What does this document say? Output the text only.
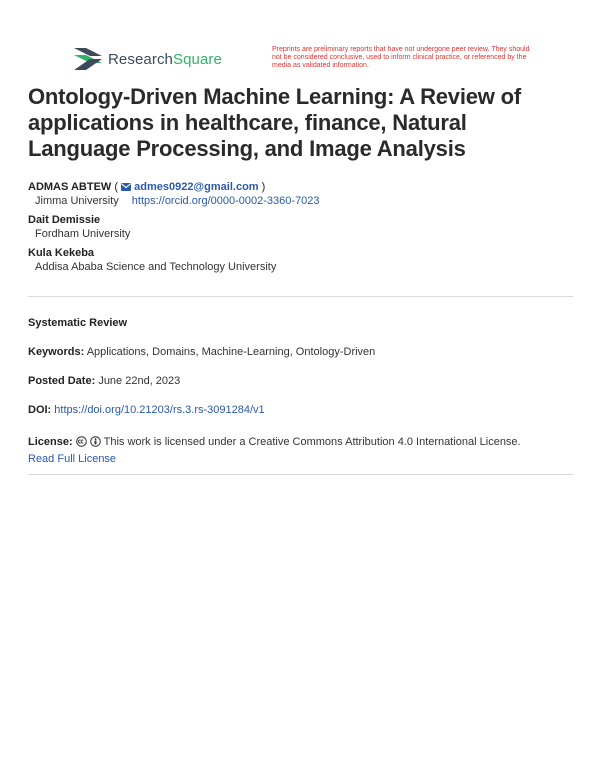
ResearchSquare
Preprints are preliminary reports that have not undergone peer review. They should not be considered conclusive, used to inform clinical practice, or referenced by the media as validated information.
Ontology-Driven Machine Learning: A Review of applications in healthcare, finance, Natural Language Processing, and Image Analysis
ADMAS ABTEW ( admes0922@gmail.com )
Jimma University https://orcid.org/0000-0002-3360-7023
Dait Demissie
Fordham University
Kula Kekeba
Addisa Ababa Science and Technology University
Systematic Review
Keywords: Applications, Domains, Machine-Learning, Ontology-Driven
Posted Date: June 22nd, 2023
DOI: https://doi.org/10.21203/rs.3.rs-3091284/v1
License:	This work is licensed under a Creative Commons Attribution 4.0 International License.
Read Full License
